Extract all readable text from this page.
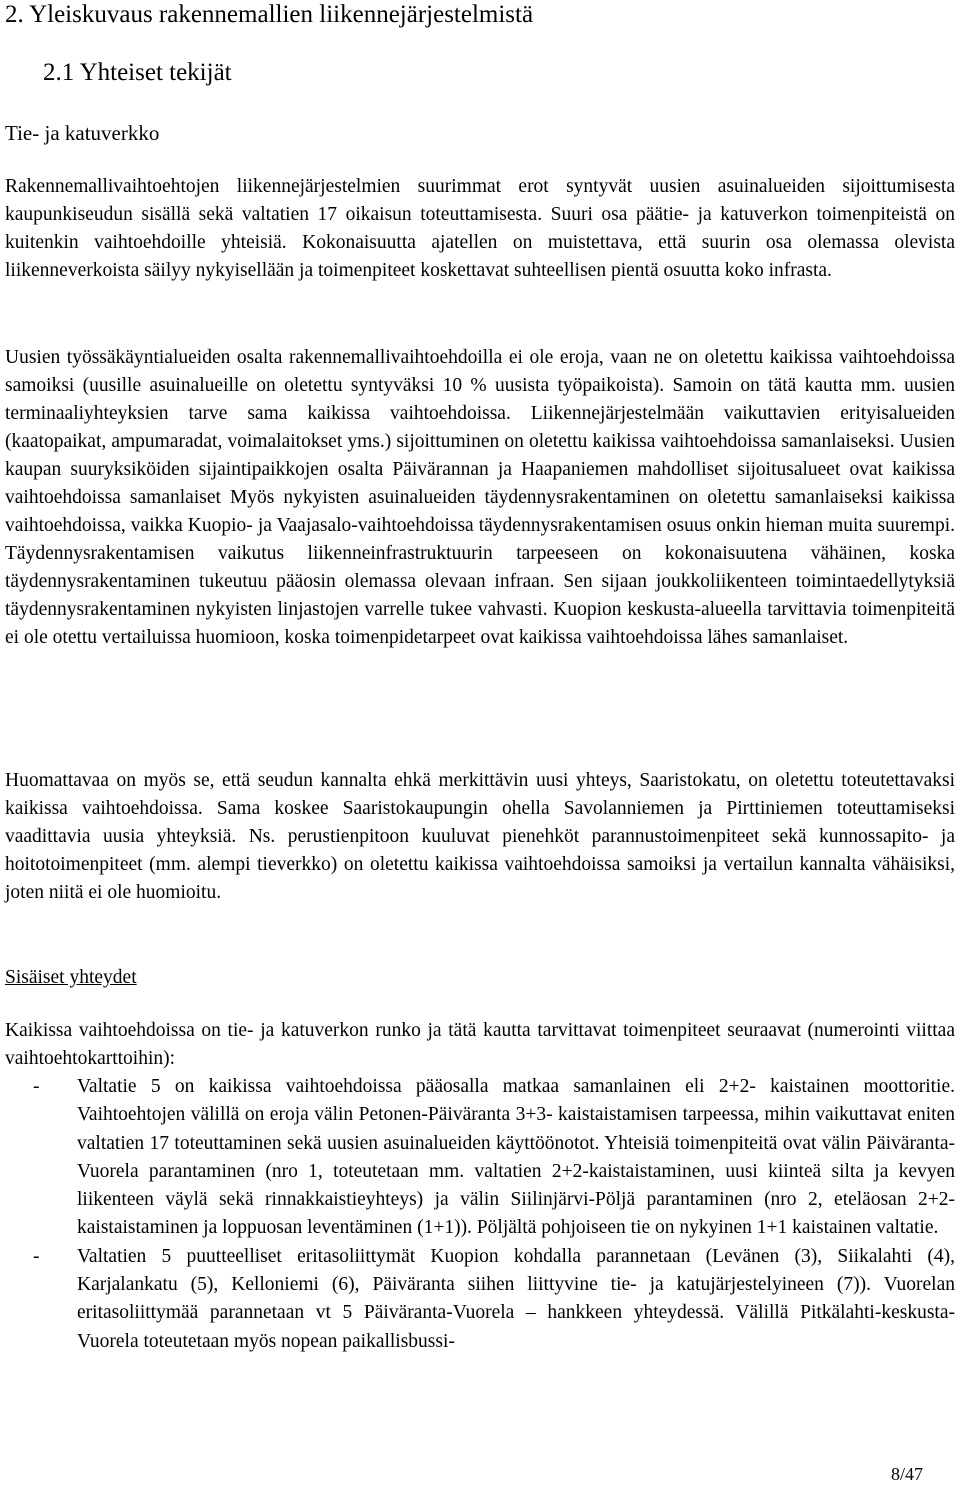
2. Yleiskuvaus rakennemallien liikennejärjestelmistä
2.1 Yhteiset tekijät
Tie- ja katuverkko

Rakennemallivaihtoehtojen liikennejärjestelmien suurimmat erot syntyvät uusien asuinalueiden sijoittumisesta kaupunkiseudun sisällä sekä valtatien 17 oikaisun toteuttamisesta. Suuri osa päätie- ja katuverkon toimenpiteistä on kuitenkin vaihtoehdoille yhteisiä. Kokonaisuutta ajatellen on muistettava, että suurin osa olemassa olevista liikenneverkoista säilyy nykyisellään ja toimenpiteet koskettavat suhteellisen pientä osuutta koko infrasta.

Uusien työssäkäyntialueiden osalta rakennemallivaihtoehdoilla ei ole eroja, vaan ne on oletettu kaikissa vaihtoehdoissa samoiksi (uusille asuinalueille on oletettu syntyväksi 10 % uusista työpaikoista). Samoin on tätä kautta mm. uusien terminaaliyhteyksien tarve sama kaikissa vaihtoehdoissa. Liikennejärjestelmään vaikuttavien erityisalueiden (kaatopaikat, ampumaradat, voimalaitokset yms.) sijoittuminen on oletettu kaikissa vaihtoehdoissa samanlaiseksi. Uusien kaupan suuryksiköiden sijaintipaikkojen osalta Päivärannan ja Haapaniemen mahdolliset sijoitusalueet ovat kaikissa vaihtoehdoissa samanlaiset Myös nykyisten asuinalueiden täydennysrakentaminen on oletettu samanlaiseksi kaikissa vaihtoehdoissa, vaikka Kuopio- ja Vaajasalo-vaihtoehdoissa täydennysrakentamisen osuus onkin hieman muita suurempi. Täydennysrakentamisen vaikutus liikenneinfrastruktuurin tarpeeseen on kokonaisuutena vähäinen, koska täydennysrakentaminen tukeutuu pääosin olemassa olevaan infraan. Sen sijaan joukkoliikenteen toimintaedellytyksiä täydennysrakentaminen nykyisten linjastojen varrelle tukee vahvasti. Kuopion keskusta-alueella tarvittavia toimenpiteitä ei ole otettu vertailuissa huomioon, koska toimenpidetarpeet ovat kaikissa vaihtoehdoissa lähes samanlaiset.

Huomattavaa on myös se, että seudun kannalta ehkä merkittävin uusi yhteys, Saaristokatu, on oletettu toteutettavaksi kaikissa vaihtoehdoissa. Sama koskee Saaristokaupungin ohella Savolanniemen ja Pirttiniemen toteuttamiseksi vaadittavia uusia yhteyksiä. Ns. perustienpitoon kuuluvat pienehköt parannustoimenpiteet sekä kunnossapito- ja hoitotoimenpiteet (mm. alempi tieverkko) on oletettu kaikissa vaihtoehdoissa samoiksi ja vertailun kannalta vähäisiksi, joten niitä ei ole huomioitu.

Sisäiset yhteydet

Kaikissa vaihtoehdoissa on tie- ja katuverkon runko ja tätä kautta tarvittavat toimenpiteet seuraavat (numerointi viittaa vaihtoehtokarttoihin):

- Valtatie 5 on kaikissa vaihtoehdoissa pääosalla matkaa samanlainen eli 2+2- kaistainen moottoritie. Vaihtoehtojen välillä on eroja välin Petonen-Päiväranta 3+3- kaistaistamisen tarpeessa, mihin vaikuttavat eniten valtatien 17 toteuttaminen sekä uusien asuinalueiden käyttöönotot. Yhteisiä toimenpiteitä ovat välin Päiväranta-Vuorela parantaminen (nro 1, toteutetaan mm. valtatien 2+2-kaistaistaminen, uusi kiinteä silta ja kevyen liikenteen väylä sekä rinnakkaistieyhteys) ja välin Siilinjärvi-Pöljä parantaminen (nro 2, eteläosan 2+2-kaistaistaminen ja loppuosan leventäminen (1+1)). Pöljältä pohjoiseen tie on nykyinen 1+1 kaistainen valtatie.
- Valtatien 5 puutteelliset eritasoliittymät Kuopion kohdalla parannetaan (Levänen (3), Siikalahti (4), Karjalankatu (5), Kelloniemi (6), Päiväranta siihen liittyvine tie- ja katujärjestelyineen (7)). Vuorelan eritasoliittymää parannetaan vt 5 Päiväranta-Vuorela – hankkeen yhteydessä. Välillä Pitkälahti-keskusta-Vuorela toteutetaan myös nopean paikallisbussi-
8/47
